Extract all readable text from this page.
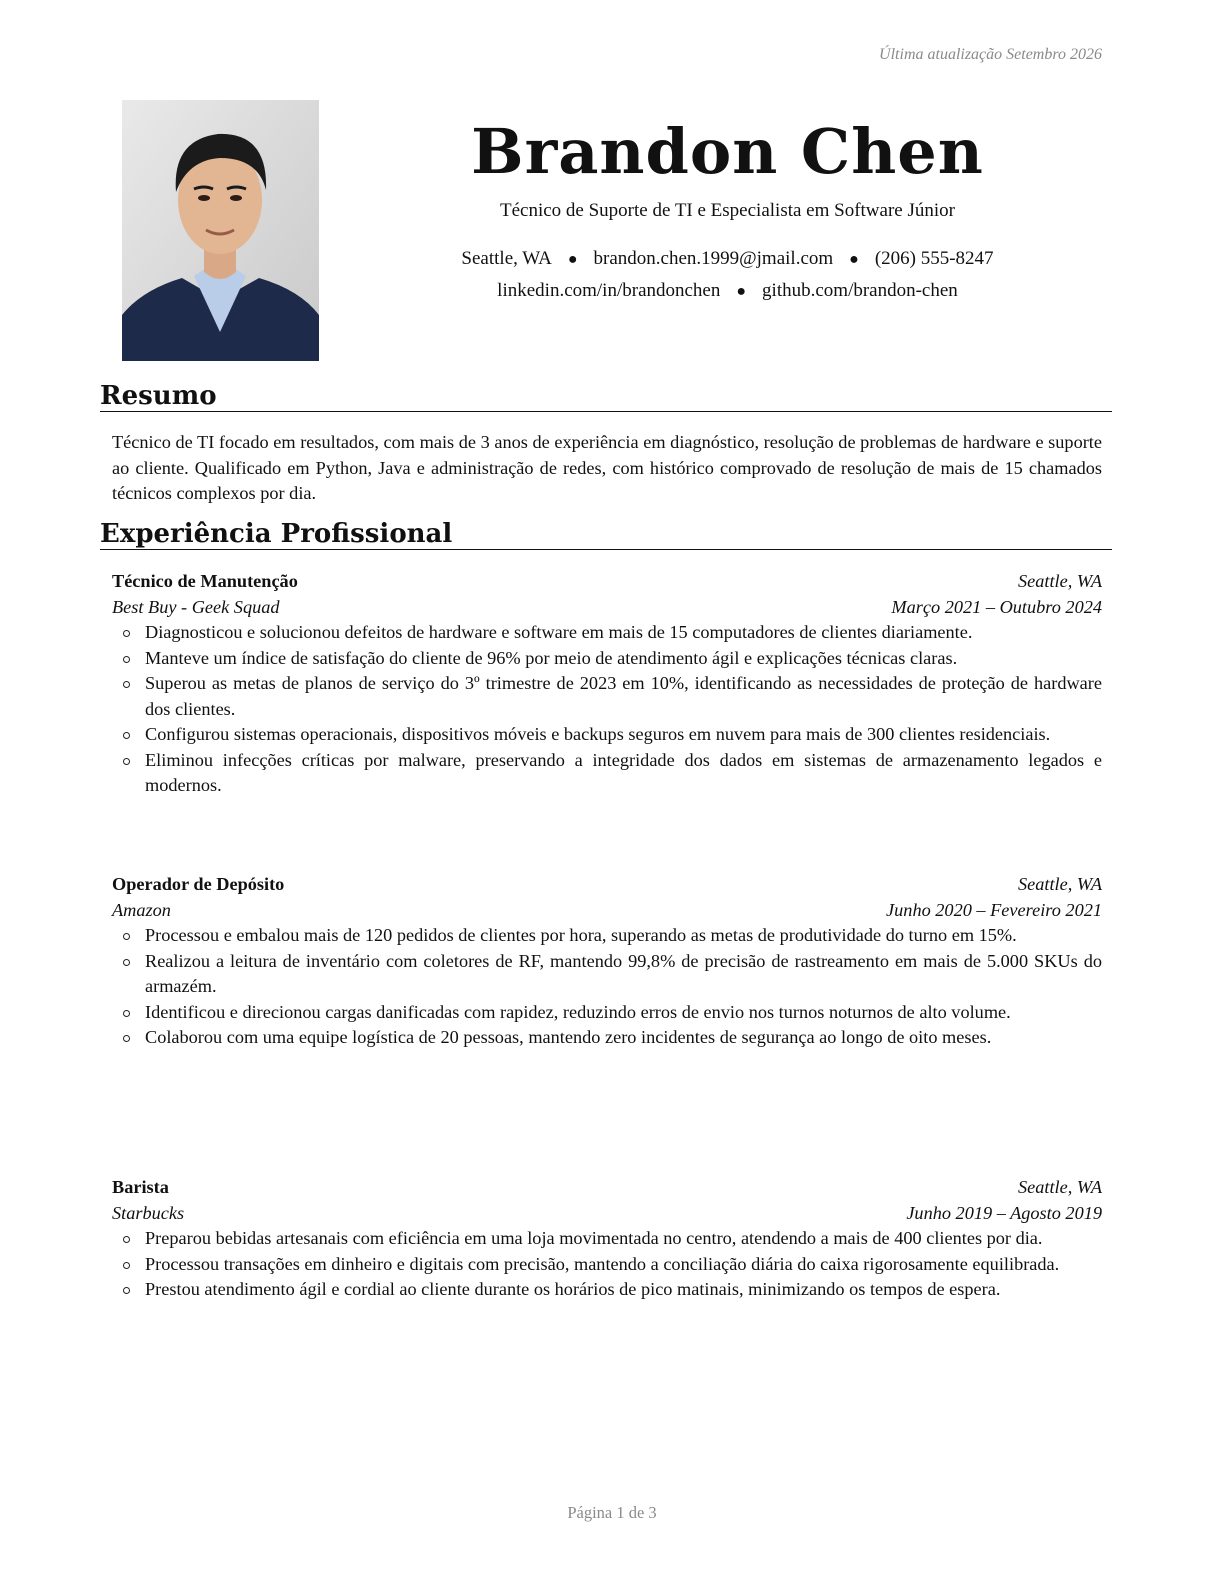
Última atualização Setembro 2026
Brandon Chen
Técnico de Suporte de TI e Especialista em Software Júnior
Seattle, WA ● brandon.chen.1999@jmail.com ● (206) 555-8247
linkedin.com/in/brandonchen ● github.com/brandon-chen
Resumo
Técnico de TI focado em resultados, com mais de 3 anos de experiência em diagnóstico, resolução de problemas de hardware e suporte ao cliente. Qualificado em Python, Java e administração de redes, com histórico comprovado de resolução de mais de 15 chamados técnicos complexos por dia.
Experiência Profissional
Técnico de Manutenção	Seattle, WA
Best Buy - Geek Squad	Março 2021 – Outubro 2024
Diagnosticou e solucionou defeitos de hardware e software em mais de 15 computadores de clientes diariamente.
Manteve um índice de satisfação do cliente de 96% por meio de atendimento ágil e explicações técnicas claras.
Superou as metas de planos de serviço do 3º trimestre de 2023 em 10%, identificando as necessidades de proteção de hardware dos clientes.
Configurou sistemas operacionais, dispositivos móveis e backups seguros em nuvem para mais de 300 clientes residenciais.
Eliminou infecções críticas por malware, preservando a integridade dos dados em sistemas de armazenamento legados e modernos.
Operador de Depósito	Seattle, WA
Amazon	Junho 2020 – Fevereiro 2021
Processou e embalou mais de 120 pedidos de clientes por hora, superando as metas de produtividade do turno em 15%.
Realizou a leitura de inventário com coletores de RF, mantendo 99,8% de precisão de rastreamento em mais de 5.000 SKUs do armazém.
Identificou e direcionou cargas danificadas com rapidez, reduzindo erros de envio nos turnos noturnos de alto volume.
Colaborou com uma equipe logística de 20 pessoas, mantendo zero incidentes de segurança ao longo de oito meses.
Barista	Seattle, WA
Starbucks	Junho 2019 – Agosto 2019
Preparou bebidas artesanais com eficiência em uma loja movimentada no centro, atendendo a mais de 400 clientes por dia.
Processou transações em dinheiro e digitais com precisão, mantendo a conciliação diária do caixa rigorosamente equilibrada.
Prestou atendimento ágil e cordial ao cliente durante os horários de pico matinais, minimizando os tempos de espera.
Página 1 de 3
